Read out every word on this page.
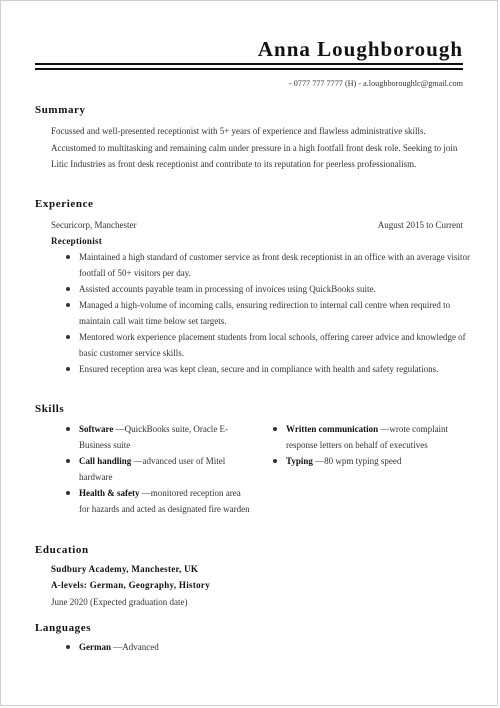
Anna Loughborough
- 0777 777 7777 (H) - a.loughboroughlc@gmail.com
Summary
Focussed and well-presented receptionist with 5+ years of experience and flawless administrative skills. Accustomed to multitasking and remaining calm under pressure in a high footfall front desk role. Seeking to join Litic Industries as front desk receptionist and contribute to its reputation for peerless professionalism.
Experience
Securicorp, Manchester	August 2015 to Current
Receptionist
Maintained a high standard of customer service as front desk receptionist in an office with an average visitor footfall of 50+ visitors per day.
Assisted accounts payable team in processing of invoices using QuickBooks suite.
Managed a high-volume of incoming calls, ensuring redirection to internal call centre when required to maintain call wait time below set targets.
Mentored work experience placement students from local schools, offering career advice and knowledge of basic customer service skills.
Ensured reception area was kept clean, secure and in compliance with health and safety regulations.
Skills
Software —QuickBooks suite, Oracle E-Business suite
Call handling —advanced user of Mitel hardware
Health & safety —monitored reception area for hazards and acted as designated fire warden
Written communication —wrote complaint response letters on behalf of executives
Typing —80 wpm typing speed
Education
Sudbury Academy, Manchester, UK
A-levels: German, Geography, History
June 2020 (Expected graduation date)
Languages
German —Advanced
